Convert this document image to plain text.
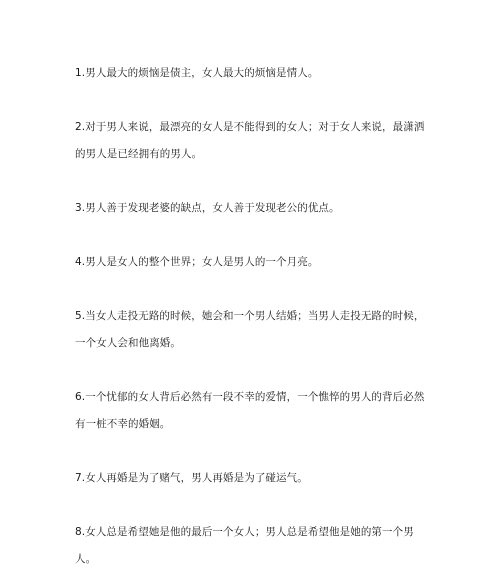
1.男人最大的烦恼是债主，女人最大的烦恼是情人。

2.对于男人来说，最漂亮的女人是不能得到的女人；对于女人来说，最潇洒的男人是已经拥有的男人。

3.男人善于发现老婆的缺点，女人善于发现老公的优点。

4.男人是女人的整个世界；女人是男人的一个月亮。

5.当女人走投无路的时候，她会和一个男人结婚；当男人走投无路的时候，一个女人会和他离婚。

6.一个忧郁的女人背后必然有一段不幸的爱情，一个憔悴的男人的背后必然有一桩不幸的婚姻。

7.女人再婚是为了赌气，男人再婚是为了碰运气。

8.女人总是希望她是他的最后一个女人；男人总是希望他是她的第一个男人。
